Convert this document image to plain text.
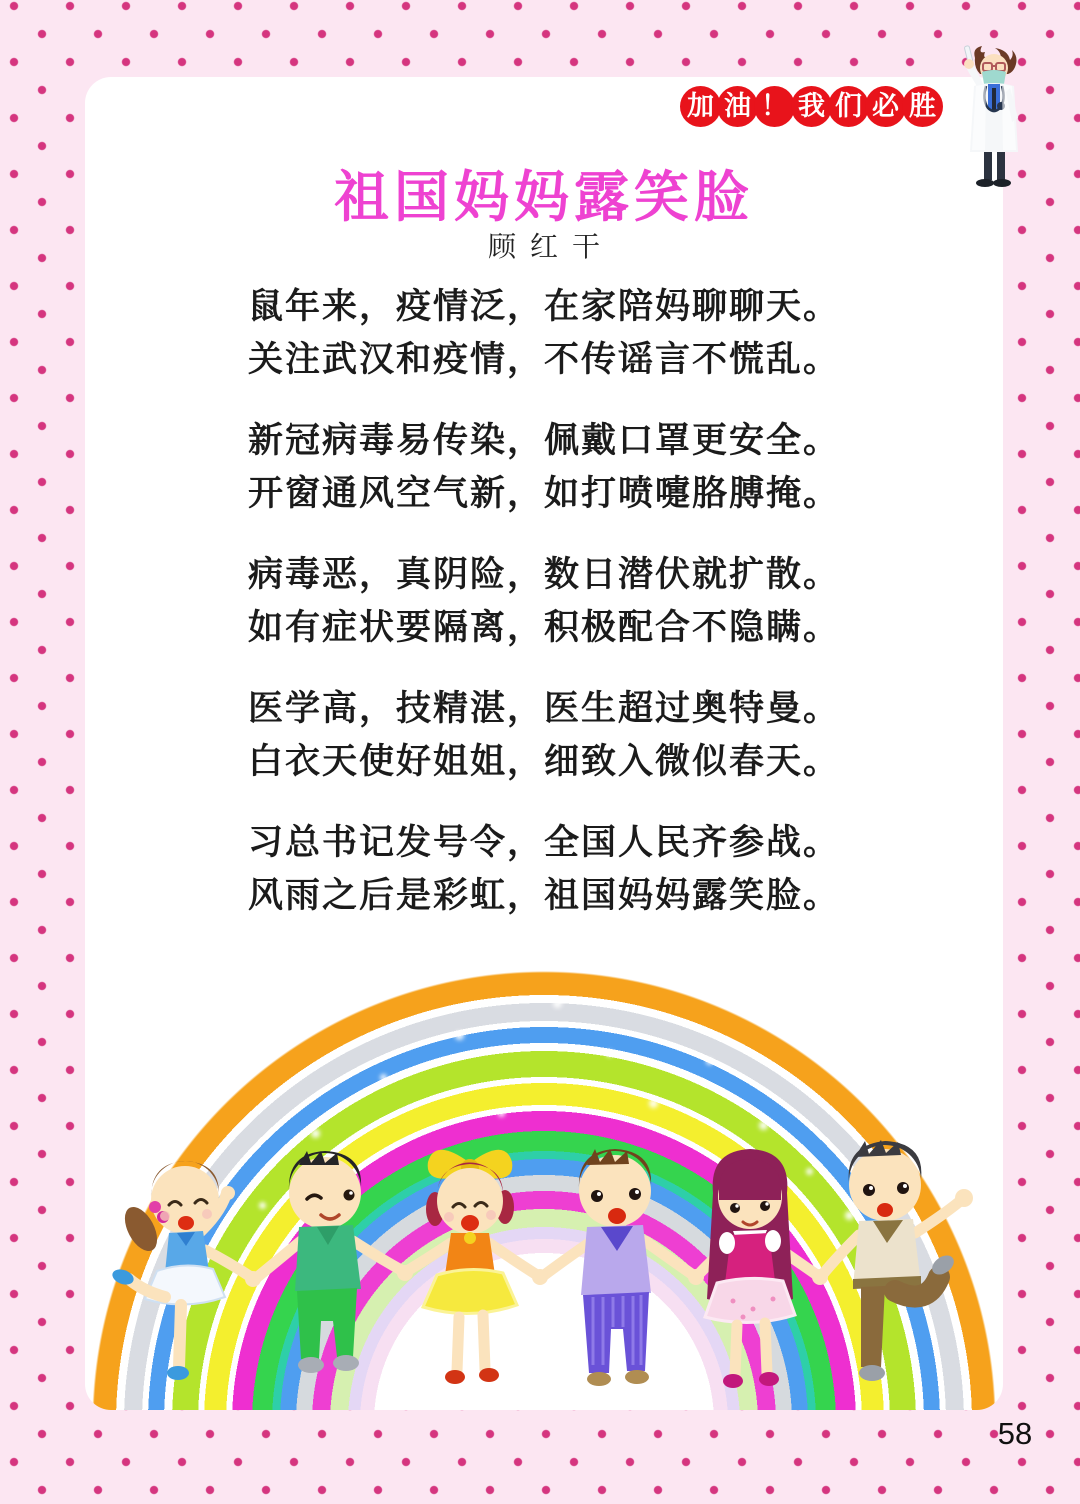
祖国妈妈露笑脸
顾红干

鼠年来，疫情泛，在家陪妈聊聊天。

关注武汉和疫情，不传谣言不慌乱。

新冠病毒易传染，佩戴口罩更安全。

开窗通风空气新，如打喷嚏胳膊掩。

病毒恶，真阴险，数日潜伏就扩散。

如有症状要隔离，积极配合不隐瞒。

医学高，技精湛，医生超过奥特曼。

白衣天使好姐姐，细致入微似春天。

习总书记发号令，全国人民齐参战。

风雨之后是彩虹，祖国妈妈露笑脸。

加 油 ！ 我 们 必 胜
58
